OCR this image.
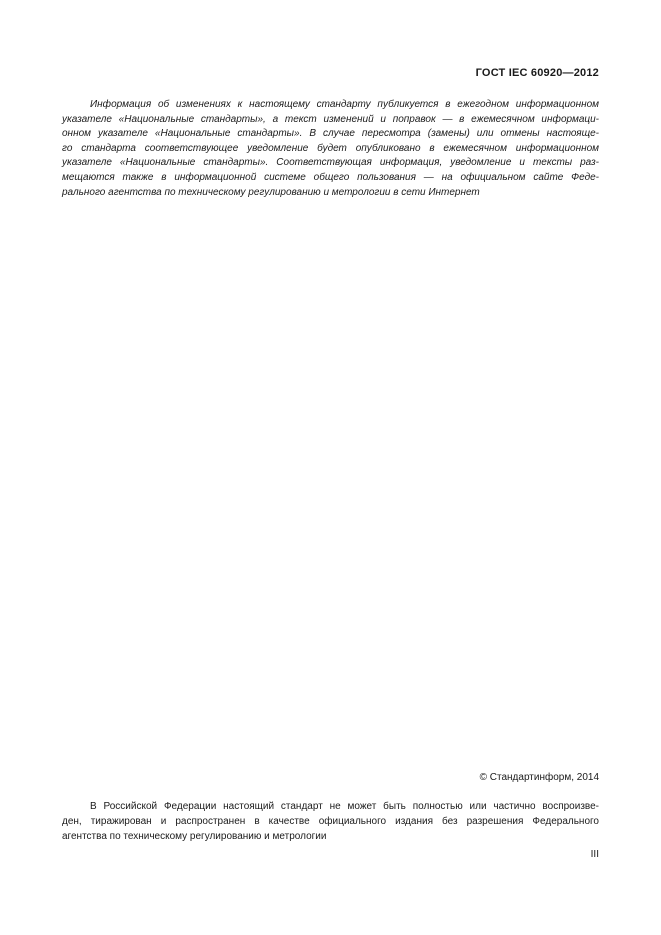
ГОСТ IEC 60920—2012
Информация об изменениях к настоящему стандарту публикуется в ежегодном информационном
указателе «Национальные стандарты», а текст изменений и поправок — в ежемесячном информаци-
онном указателе «Национальные стандарты». В случае пересмотра (замены) или отмены настояще-
го стандарта соответствующее уведомление будет опубликовано в ежемесячном информационном
указателе «Национальные стандарты». Соответствующая информация, уведомление и тексты раз-
мещаются также в информационной системе общего пользования — на официальном сайте Феде-
рального агентства по техническому регулированию и метрологии в сети Интернет
© Стандартинформ, 2014
В Российской Федерации настоящий стандарт не может быть полностью или частично воспроизве-
ден, тиражирован и распространен в качестве официального издания без разрешения Федерального
агентства по техническому регулированию и метрологии
III
